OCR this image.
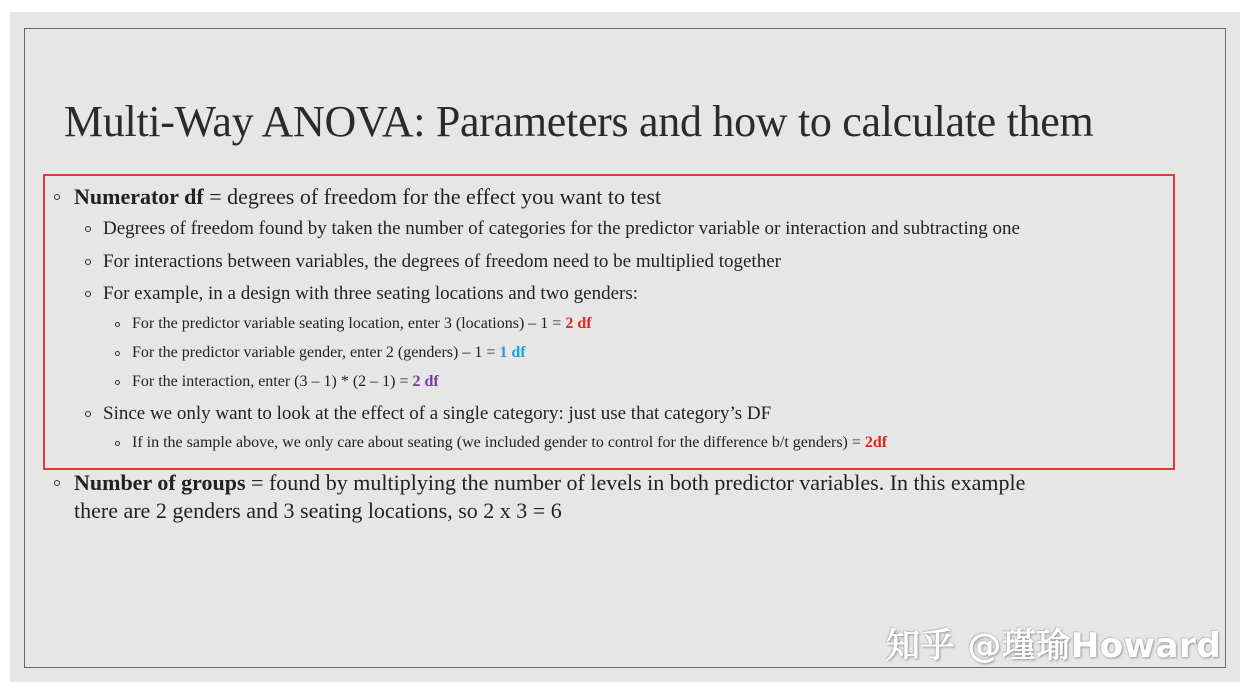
Multi-Way ANOVA: Parameters and how to calculate them
Numerator df = degrees of freedom for the effect you want to test
Degrees of freedom found by taken the number of categories for the predictor variable or interaction and subtracting one
For interactions between variables, the degrees of freedom need to be multiplied together
For example, in a design with three seating locations and two genders:
For the predictor variable seating location, enter 3 (locations) – 1 = 2 df
For the predictor variable gender, enter 2 (genders) – 1 = 1 df
For the interaction, enter (3 – 1) * (2 – 1) = 2 df
Since we only want to look at the effect of a single category: just use that category’s DF
If in the sample above, we only care about seating (we included gender to control for the difference b/t genders) = 2df
Number of groups = found by multiplying the number of levels in both predictor variables. In this example
there are 2 genders and 3 seating locations, so 2 x 3 = 6
知乎 @瑾瑜Howard
